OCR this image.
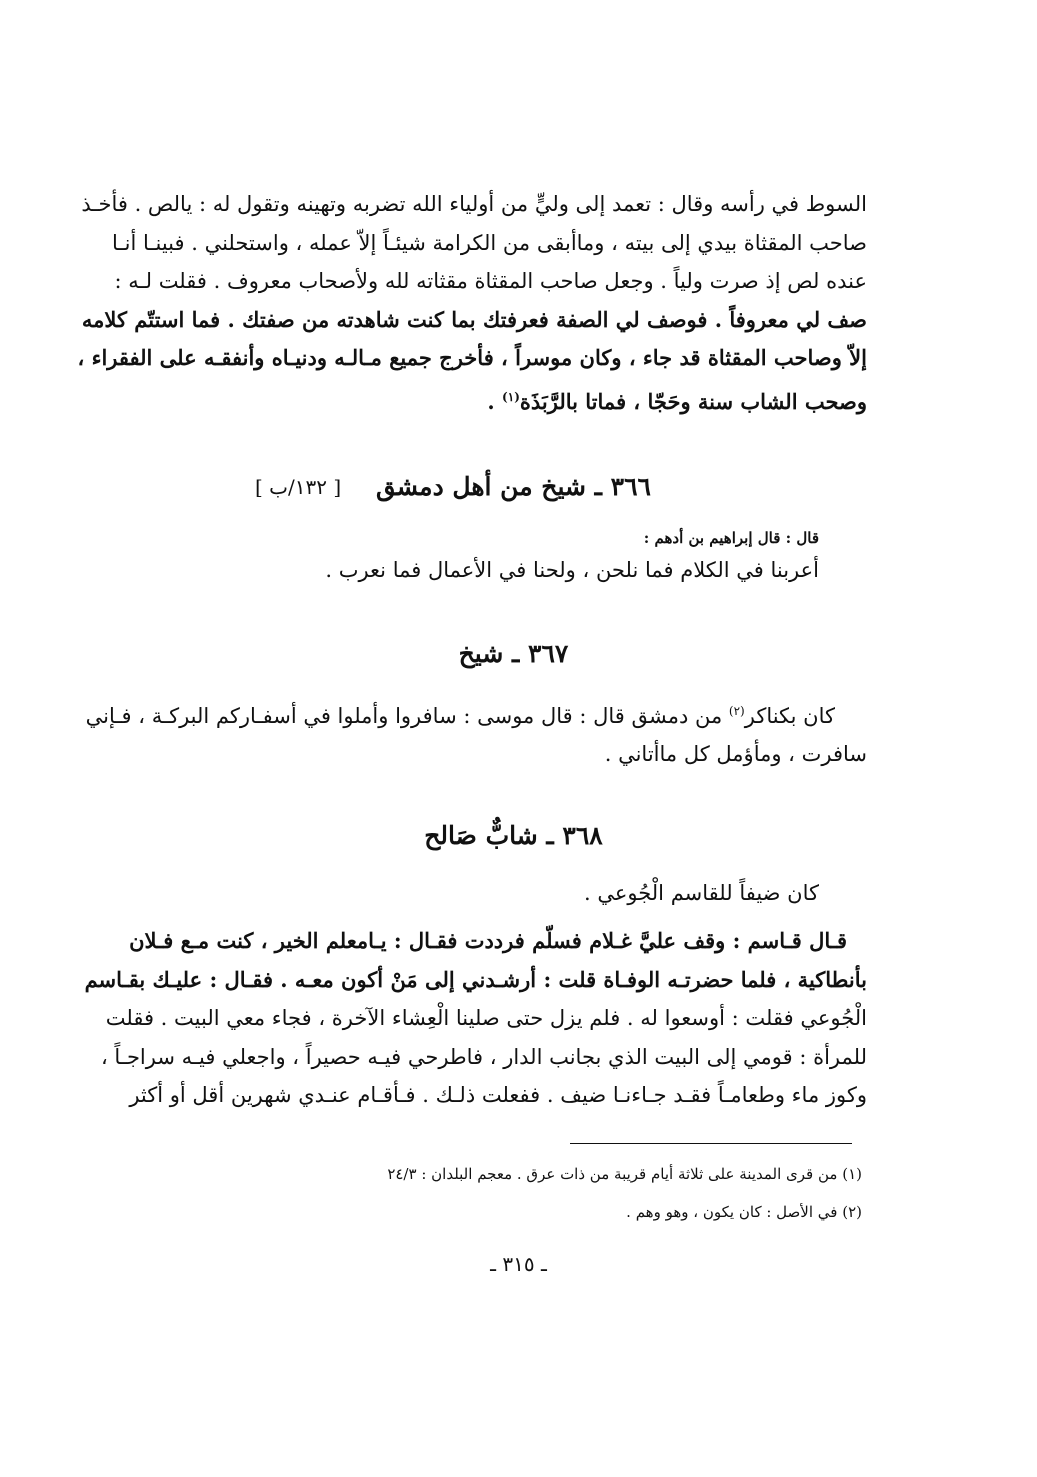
السوط في رأسه وقال : تعمد إلى وليٍّ من أولياء الله تضربه وتهينه وتقول له : يالص . فأخـذ
صاحب المقثاة بيدي إلى بيته ، وماأبقى من الكرامة شيئـاً إلاّ عمله ، واستحلني . فبينـا أنـا
عنده لص إذ صرت ولياً . وجعل صاحب المقثاة مقثاته لله ولأصحاب معروف . فقلت لـه :
صف لي معروفاً . فوصف لي الصفة فعرفتك بما كنت شاهدته من صفتك . فما استتّم كلامه
إلاّ وصاحب المقثاة قد جاء ، وكان موسراً ، فأخرج جميع مـالـه ودنيـاه وأنفقـه على الفقراء ،
وصحب الشاب سنة وحَجّا ، فماتا بالرَّبَذَة$^{(١)}$ .

٣٦٦ ـ شيخ من أهل دمشق
[ ١٣٢/ب ]
قال : قال إبراهيم بن أدهم :

أعربنا في الكلام فما نلحن ، ولحنا في الأعمال فما نعرب .

٣٦٧ ـ شيخ

كان بكناكر$^{(٢)}$ من دمشق قال : قال موسى : سافروا وأملوا في أسفـاركم البركـة ، فـإني
سافرت ، ومأؤمل كل ماأتاني .

٣٦٨ ـ شابٌّ صَالح

كان ضيفاً للقاسم الْجُوعي .

قـال قـاسم : وقف عليَّ غـلام فسلّم فرددت فقـال : يـامعلم الخير ، كنت مـع فـلان
بأنطاكية ، فلما حضرتـه الوفـاة قلت : أرشـدني إلى مَنْ أكون معـه . فقـال : عليـك بقـاسم
الْجُوعي فقلت : أوسعوا له . فلم يزل حتى صلينا الْعِشاء الآخرة ، فجاء معي البيت . فقلت
للمرأة : قومي إلى البيت الذي بجانب الدار ، فاطرحي فيـه حصيراً ، واجعلي فيـه سراجـاً ،
وكوز ماء وطعامـاً فقـد جـاءنـا ضيف . ففعلت ذلـك . فـأقـام عنـدي شهرين أقل أو أكثر

(١) من قرى المدينة على ثلاثة أيام قريبة من ذات عرق . معجم البلدان : ٢٤/٣
(٢) في الأصل : كان يكون ، وهو وهم .
ـ ٣١٥ ـ
